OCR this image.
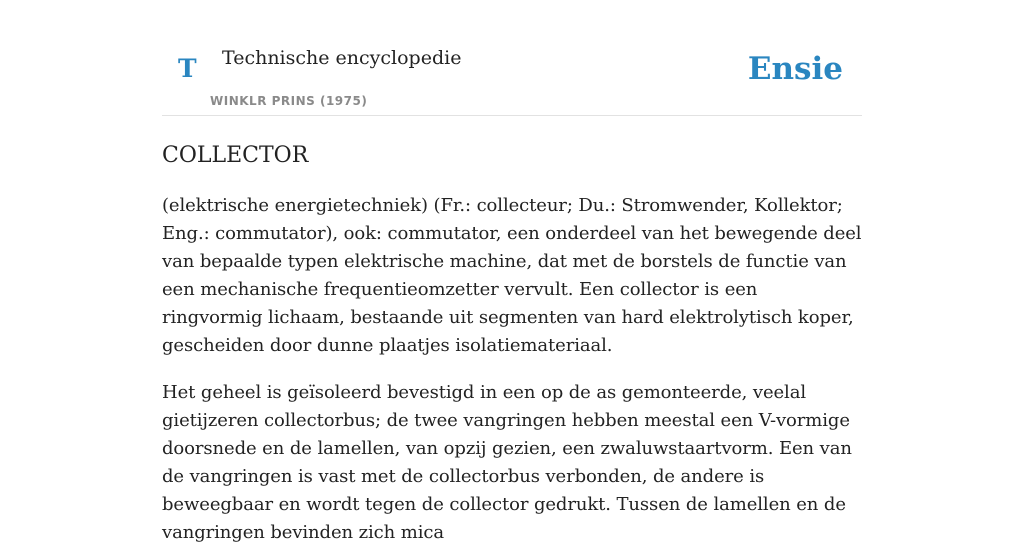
T Technische encyclopedie
WINKLR PRINS (1975)
Ensie
COLLECTOR

(elektrische energietechniek) (Fr.: collecteur; Du.: Stromwender, Kollektor; Eng.: commutator), ook: commutator, een onderdeel van het bewegende deel van bepaalde typen elektrische machine, dat met de borstels de functie van een mechanische frequentieomzetter vervult. Een collector is een ringvormig lichaam, bestaande uit segmenten van hard elektrolytisch koper, gescheiden door dunne plaatjes isolatiemateriaal.

Het geheel is geïsoleerd bevestigd in een op de as gemonteerde, veelal gietijzeren collectorbus; de twee vangringen hebben meestal een V-vormige doorsnede en de lamellen, van opzij gezien, een zwaluwstaartvorm. Een van de vangringen is vast met de collectorbus verbonden, de andere is beweegbaar en wordt tegen de collector gedrukt. Tussen de lamellen en de vangringen bevinden zich mica
